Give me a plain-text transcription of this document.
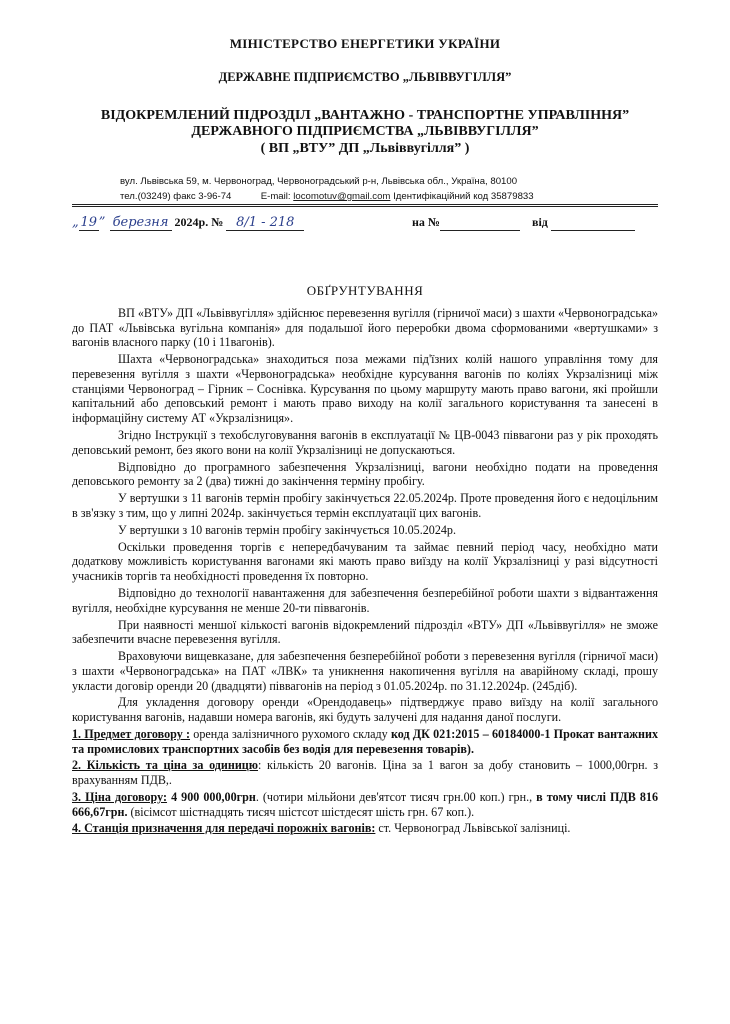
МІНІСТЕРСТВО ЕНЕРГЕТИКИ УКРАЇНИ
ДЕРЖАВНЕ ПІДПРИЄМСТВО „ЛЬВІВВУГІЛЛЯ”
ВІДОКРЕМЛЕНИЙ ПІДРОЗДІЛ „ВАНТАЖНО - ТРАНСПОРТНЕ УПРАВЛІННЯ”
ДЕРЖАВНОГО ПІДПРИЄМСТВА „ЛЬВІВВУГІЛЛЯ”
( ВП „ВТУ” ДП „Львіввугілля” )
вул. Львівська 59, м. Червоноград, Червоноградський р-н, Львівська обл., Україна, 80100
тел.(03249) факс 3-96-74	E-mail: locomotuv@gmail.com Ідентифікаційний код 35879833
„ 19 ” березня 2024р. № 8/1 - 218	на №	від
ОБҐРУНТУВАННЯ

ВП «ВТУ» ДП «Львіввугілля» здійснює перевезення вугілля (гірничої маси) з шахти «Червоноградська» до ПАТ «Львівська вугільна компанія» для подальшої його переробки двома сформованими «вертушками» з вагонів власного парку (10 і 11вагонів).

Шахта «Червоноградська» знаходиться поза межами під'їзних колій нашого управління тому для перевезення вугілля з шахти «Червоноградська» необхідне курсування вагонів по коліях Укрзалізниці між станціями Червоноград – Гірник – Соснівка. Курсування по цьому маршруту мають право вагони, які пройшли капітальний або деповський ремонт і мають право виходу на колії загального користування та занесені в інформаційну систему АТ «Укрзалізниця».

Згідно Інструкції з техобслуговування вагонів в експлуатації № ЦВ-0043 піввагони раз у рік проходять деповський ремонт, без якого вони на колії Укрзалізниці не допускаються.

Відповідно до програмного забезпечення Укрзалізниці, вагони необхідно подати на проведення деповського ремонту за 2 (два) тижні до закінчення терміну пробігу.

У вертушки з 11 вагонів термін пробігу закінчується 22.05.2024р. Проте проведення його є недоцільним в зв'язку з тим, що у липні 2024р. закінчується термін експлуатації цих вагонів.

У вертушки з 10 вагонів термін пробігу закінчується 10.05.2024р.

Оскільки проведення торгів є непередбачуваним та займає певний період часу, необхідно мати додаткову можливість користування вагонами які мають право виїзду на колії Укрзалізниці у разі відсутності учасників торгів та необхідності проведення їх повторно.

Відповідно до технології навантаження для забезпечення безперебійної роботи шахти з відвантаження вугілля, необхідне курсування не менше 20-ти піввагонів.

При наявності меншої кількості вагонів відокремлений підрозділ «ВТУ» ДП «Львіввугілля» не зможе забезпечити вчасне перевезення вугілля.

Враховуючи вищевказане, для забезпечення безперебійної роботи з перевезення вугілля (гірничої маси) з шахти «Червоноградська» на ПАТ «ЛВК» та уникнення накопичення вугілля на аварійному складі, прошу укласти договір оренди 20 (двадцяти) піввагонів на період з 01.05.2024р. по 31.12.2024р. (245діб).

Для укладення договору оренди «Орендодавець» підтверджує право виїзду на колії загального користування вагонів, надавши номера вагонів, які будуть залучені для надання даної послуги.

1. Предмет договору : оренда залізничного рухомого складу код ДК 021:2015 – 60184000-1 Прокат вантажних та промислових транспортних засобів без водія для перевезення товарів).

2. Кількість та ціна за одиницю: кількість 20 вагонів. Ціна за 1 вагон за добу становить – 1000,00грн. з врахуванням ПДВ,.

3. Ціна договору: 4 900 000,00грн. (чотири мільйони дев'ятсот тисяч грн.00 коп.) грн., в тому числі ПДВ 816 666,67грн. (вісімсот шістнадцять тисяч шістсот шістдесят шість грн. 67 коп.).

4. Станція призначення для передачі порожніх вагонів: ст. Червоноград Львівської залізниці.
